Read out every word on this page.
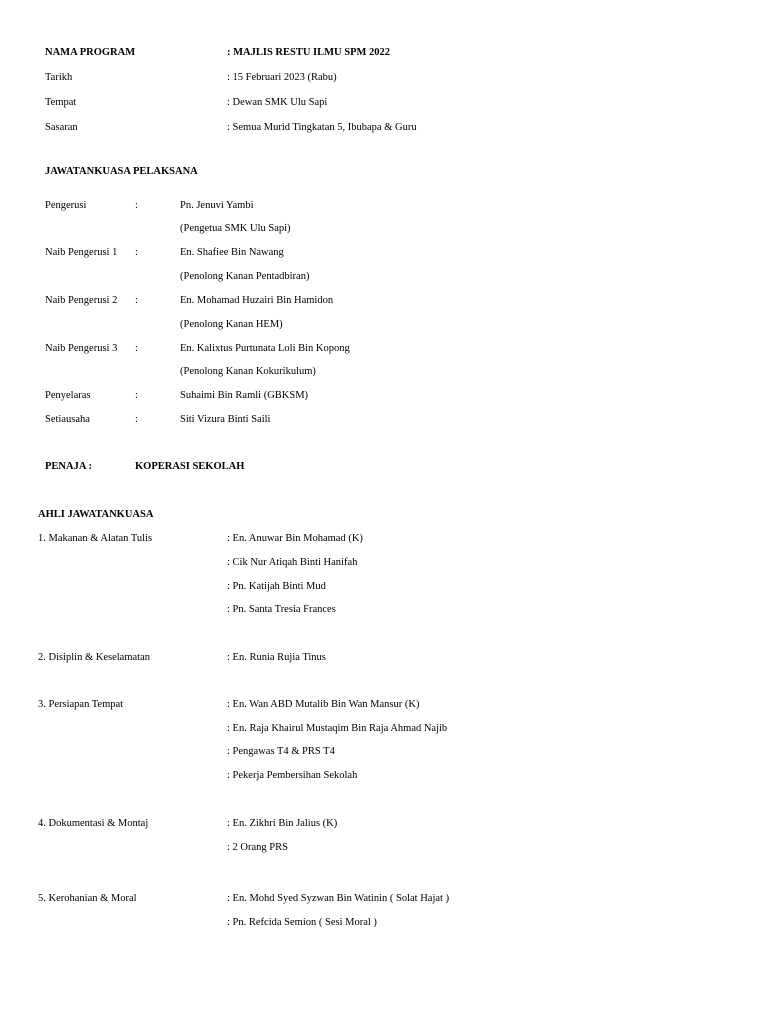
NAMA PROGRAM	: MAJLIS RESTU ILMU SPM 2022
Tarikh	: 15 Februari 2023 (Rabu)
Tempat	: Dewan SMK Ulu Sapi
Sasaran	: Semua Murid Tingkatan 5, Ibubapa & Guru
JAWATANKUASA PELAKSANA
Pengerusi	:	Pn. Jenuvi Yambi
(Pengetua SMK Ulu Sapi)
Naib Pengerusi 1 :	En. Shafiee Bin Nawang
(Penolong Kanan Pentadbiran)
Naib Pengerusi 2 :	En. Mohamad Huzairi Bin Hamidon
(Penolong Kanan HEM)
Naib Pengerusi 3 :	En. Kalixtus Purtunata Loli Bin Kopong
(Penolong Kanan Kokurikulum)
Penyelaras	:	Suhaimi Bin Ramli (GBKSM)
Setiausaha	:	Siti Vizura Binti Saili
PENAJA :	KOPERASI SEKOLAH
AHLI JAWATANKUASA
1. Makanan & Alatan Tulis	: En. Anuwar Bin Mohamad (K)
: Cik Nur Atiqah Binti Hanifah
: Pn. Katijah Binti Mud
: Pn. Santa Tresia Frances
2. Disiplin & Keselamatan	: En. Runia Rujia Tinus
3. Persiapan Tempat	: En. Wan ABD Mutalib Bin Wan Mansur (K)
: En. Raja Khairul Mustaqim Bin Raja Ahmad Najib
: Pengawas T4 & PRS T4
: Pekerja Pembersihan Sekolah
4. Dokumentasi & Montaj	: En. Zikhri Bin Jalius (K)
: 2 Orang PRS
5. Kerohanian & Moral	: En. Mohd Syed Syzwan Bin Watinin ( Solat Hajat )
: Pn. Refcida Semion ( Sesi Moral )
